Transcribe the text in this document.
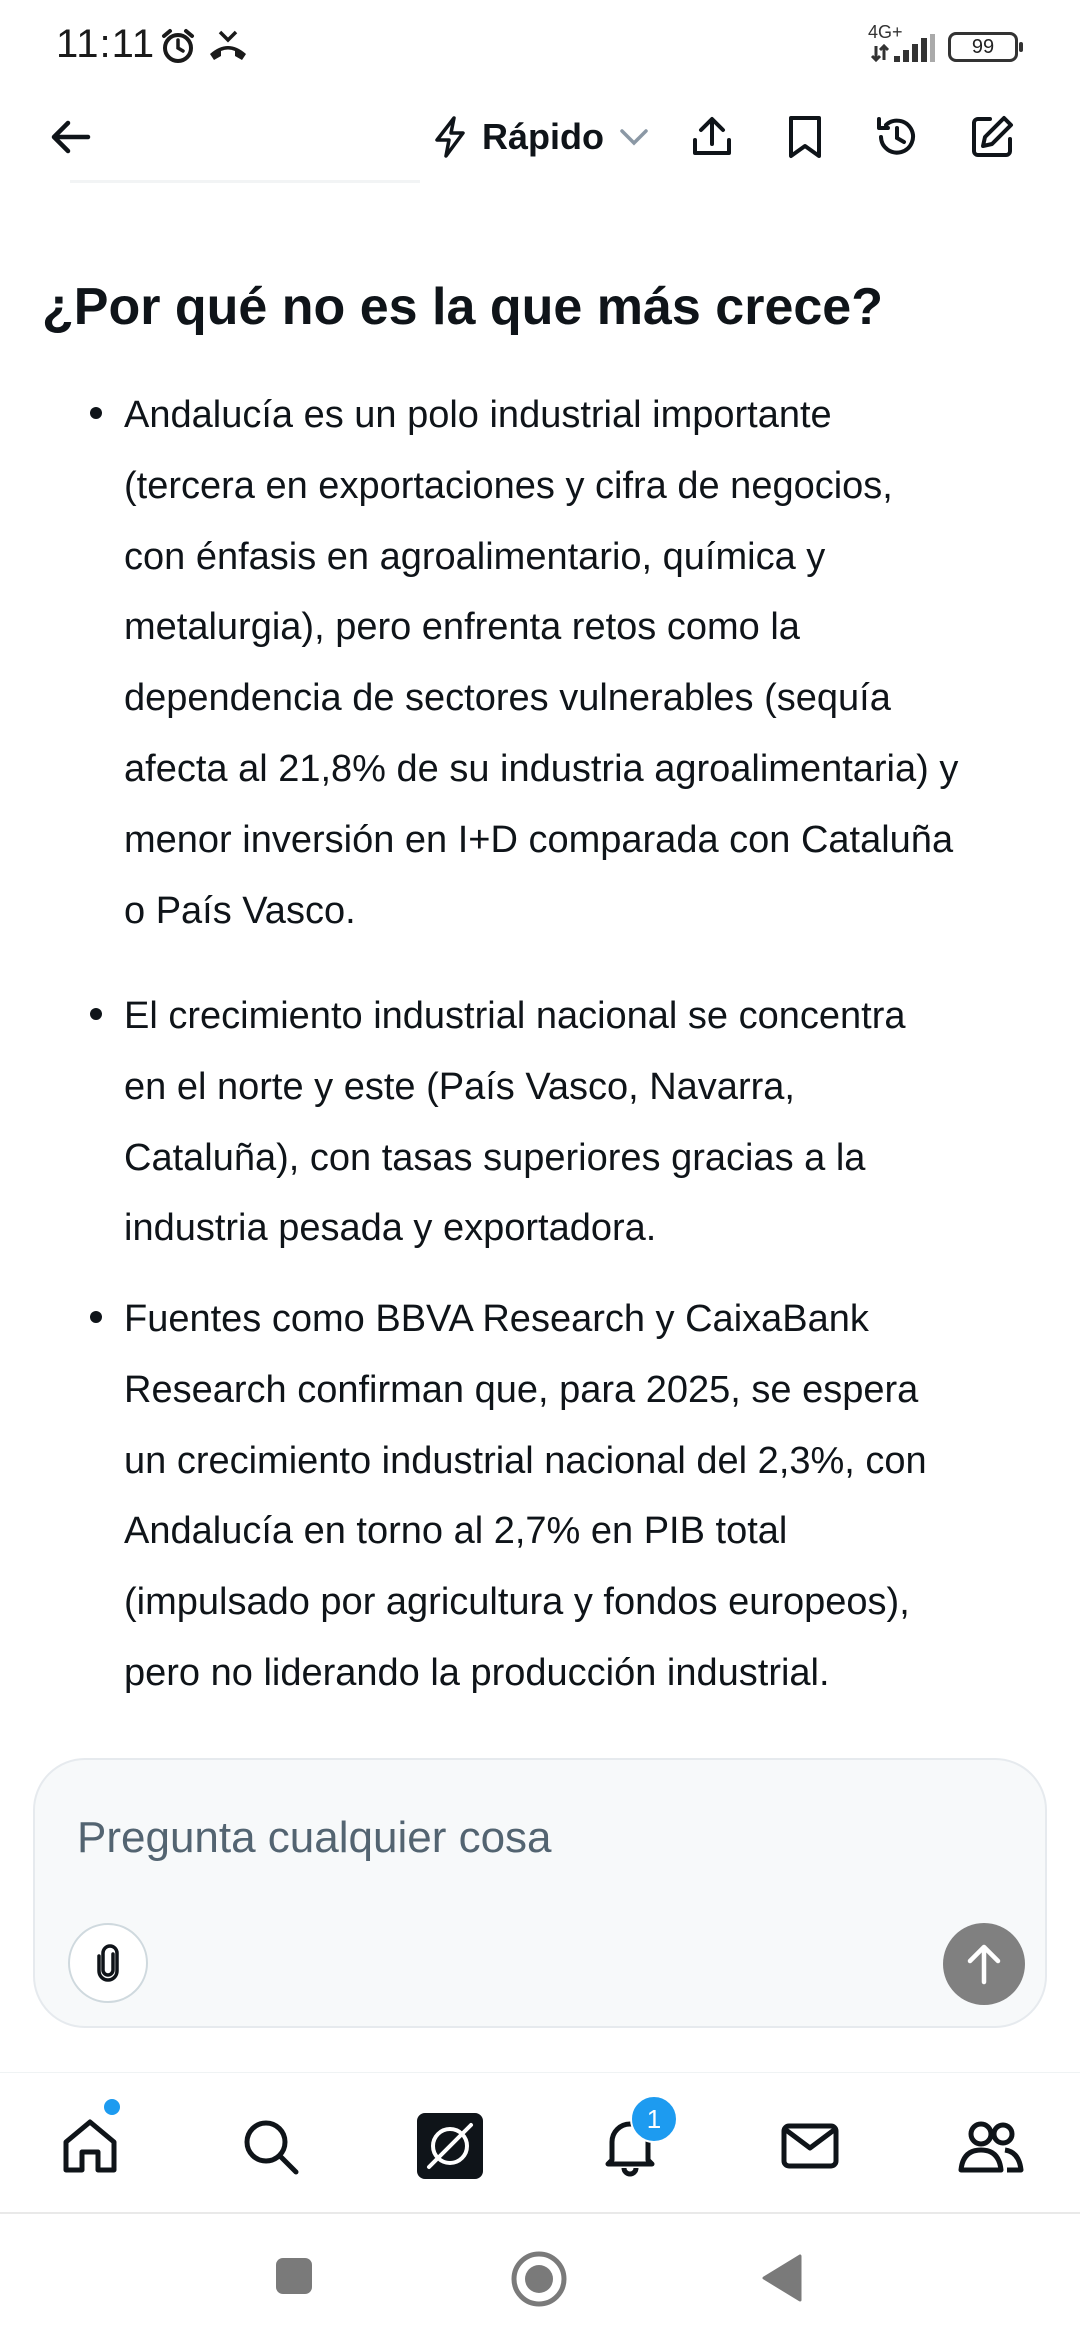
11:11	4G+
99
Rápido
¿Por qué no es la que más crece?
Andalucía es un polo industrial importante
(tercera en exportaciones y cifra de negocios,
con énfasis en agroalimentario, química y
metalurgia), pero enfrenta retos como la
dependencia de sectores vulnerables (sequía
afecta al 21,8% de su industria agroalimentaria) y
menor inversión en I+D comparada con Cataluña
o País Vasco.
El crecimiento industrial nacional se concentra
en el norte y este (País Vasco, Navarra,
Cataluña), con tasas superiores gracias a la
industria pesada y exportadora.
Fuentes como BBVA Research y CaixaBank
Research confirman que, para 2025, se espera
un crecimiento industrial nacional del 2,3%, con
Andalucía en torno al 2,7% en PIB total
(impulsado por agricultura y fondos europeos),
pero no liderando la producción industrial.
Pregunta cualquier cosa
1
